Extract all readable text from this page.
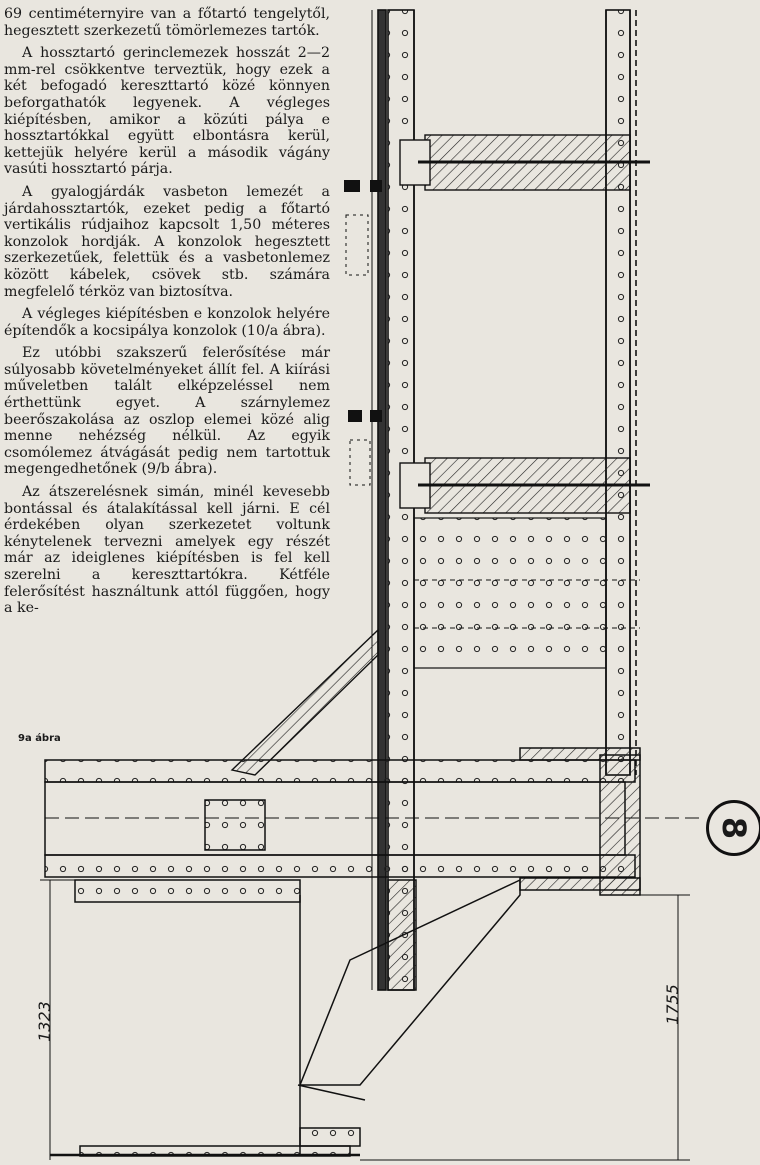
69 centiméternyire van a főtartó tengelytől, hegesztett szerkezetű tömörlemezes tartók.

A hossztartó gerinclemezek hosszát 2—2 mm-rel csökkentve terveztük, hogy ezek a két befogadó kereszttartó közé könnyen beforgathatók legyenek. A végleges kiépítésben, amikor a közúti pálya e hossztartókkal együtt elbontásra kerül, kettejük helyére kerül a második vágány vasúti hossztartó párja.

A gyalogjárdák vasbeton lemezét a járdahossztartók, ezeket pedig a főtartó vertikális rúdjaihoz kapcsolt 1,50 méteres konzolok hordják. A konzolok hegesztett szerkezetűek, felettük és a vasbetonlemez között kábelek, csövek stb. számára megfelelő térköz van biztosítva.

A végleges kiépítésben e konzolok helyére építendők a kocsipálya konzolok (10/a ábra).

Ez utóbbi szakszerű felerősítése már súlyosabb követelményeket állít fel. A kiírási műveletben talált elképzeléssel nem érthettünk egyet. A szárnylemez beerőszakolása az oszlop elemei közé alig menne nehézség nélkül. Az egyik csomólemez átvágását pedig nem tartottuk megengedhetőnek (9/b ábra).

Az átszerelésnek simán, minél kevesebb bontással és átalakítással kell járni. E cél érdekében olyan szerkezetet voltunk kénytelenek tervezni amelyek egy részét már az ideiglenes kiépítésben is fel kell szerelni a kereszttartókra. Kétféle felerősítést használtunk attól függően, hogy a ke-

9a ábra
1323	1755
8
